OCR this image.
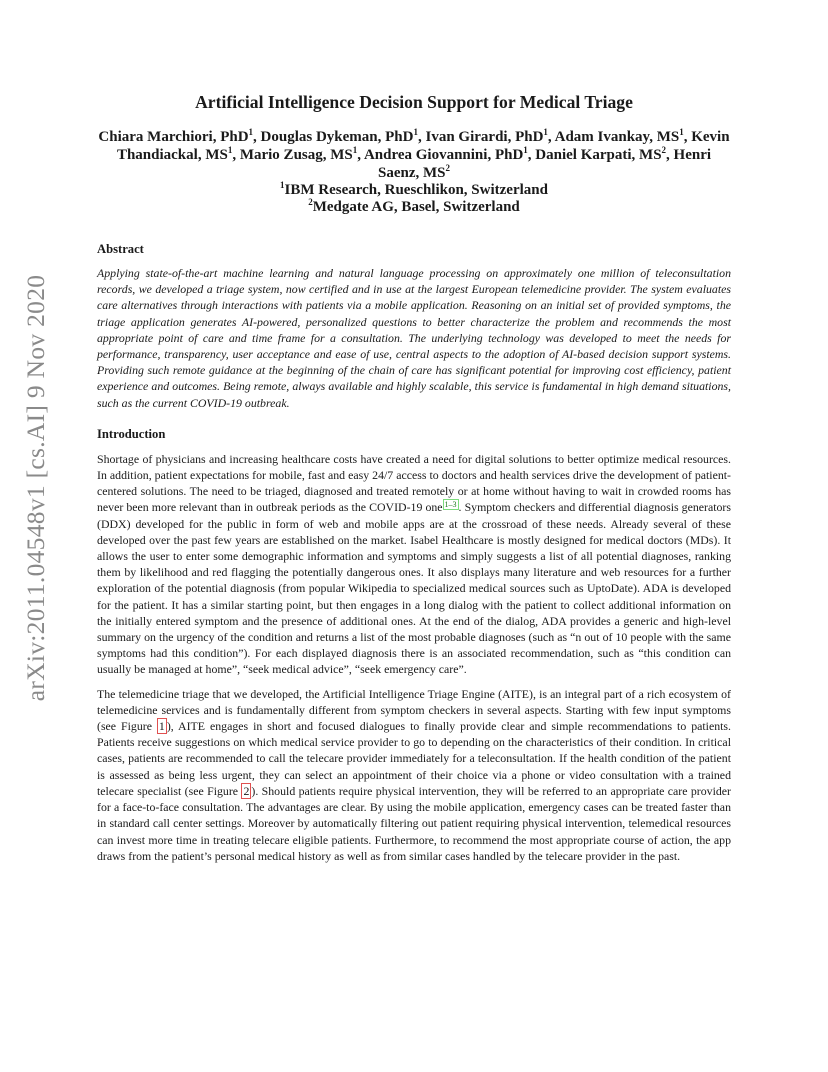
arXiv:2011.04548v1 [cs.AI] 9 Nov 2020
Artificial Intelligence Decision Support for Medical Triage

Chiara Marchiori, PhD$^1$, Douglas Dykeman, PhD$^1$, Ivan Girardi, PhD$^1$, Adam Ivankay, $MS^1$, Kevin Thandiackal, $MS^1$, Mario Zusag, $MS^1$, Andrea Giovannini, PhD$^1$, Daniel Karpati, $MS^2$, Henri Saenz, $MS^2$

$^1$IBM Research, Rueschlikon, Switzerland

$^2$Medgate AG, Basel, Switzerland

Abstract

Applying state-of-the-art machine learning and natural language processing on approximately one million of teleconsultation records, we developed a triage system, now certified and in use at the largest European telemedicine provider. The system evaluates care alternatives through interactions with patients via a mobile application. Reasoning on an initial set of provided symptoms, the triage application generates AI-powered, personalized questions to better characterize the problem and recommends the most appropriate point of care and time frame for a consultation. The underlying technology was developed to meet the needs for performance, transparency, user acceptance and ease of use, central aspects to the adoption of AI-based decision support systems. Providing such remote guidance at the beginning of the chain of care has significant potential for improving cost efficiency, patient experience and outcomes. Being remote, always available and highly scalable, this service is fundamental in high demand situations, such as the current COVID-19 outbreak.

Introduction

Shortage of physicians and increasing healthcare costs have created a need for digital solutions to better optimize medical resources. In addition, patient expectations for mobile, fast and easy 24/7 access to doctors and health services drive the development of patient-centered solutions. The need to be triaged, diagnosed and treated remotely or at home without having to wait in crowded rooms has never been more relevant than in outbreak periods as the COVID-19 one $^{1-3}$ . Symptom checkers and differential diagnosis generators (DDX) developed for the public in form of web and mobile apps are at the crossroad of these needs. Already several of these developed over the past few years are established on the market. Isabel Healthcare is mostly designed for medical doctors (MDs). It allows the user to enter some demographic information and symptoms and simply suggests a list of all potential diagnoses, ranking them by likelihood and red flagging the potentially dangerous ones. It also displays many literature and web resources for a further exploration of the potential diagnosis (from popular Wikipedia to specialized medical sources such as UptoDate). ADA is developed for the patient. It has a similar starting point, but then engages in a long dialog with the patient to collect additional information on the initially entered symptom and the presence of additional ones. At the end of the dialog, ADA provides a generic and high-level summary on the urgency of the condition and returns a list of the most probable diagnoses (such as “n out of 10 people with the same symptoms had this condition”). For each displayed diagnosis there is an associated recommendation, such as “this condition can usually be managed at home”, “seek medical advice”, “seek emergency care”.

The telemedicine triage that we developed, the Artificial Intelligence Triage Engine (AITE), is an integral part of a rich ecosystem of telemedicine services and is fundamentally different from symptom checkers in several aspects. Starting with few input symptoms (see Figure 1 ), AITE engages in short and focused dialogues to finally provide clear and simple recommendations to patients. Patients receive suggestions on which medical service provider to go to depending on the characteristics of their condition. In critical cases, patients are recommended to call the telecare provider immediately for a teleconsultation. If the health condition of the patient is assessed as being less urgent, they can select an appointment of their choice via a phone or video consultation with a trained telecare specialist (see Figure 2 ). Should patients require physical intervention, they will be referred to an appropriate care provider for a face-to-face consultation. The advantages are clear. By using the mobile application, emergency cases can be treated faster than in standard call center settings. Moreover by automatically filtering out patient requiring physical intervention, telemedical resources can invest more time in treating telecare eligible patients. Furthermore, to recommend the most appropriate course of action, the app draws from the patient’s personal medical history as well as from similar cases handled by the telecare provider in the past.
